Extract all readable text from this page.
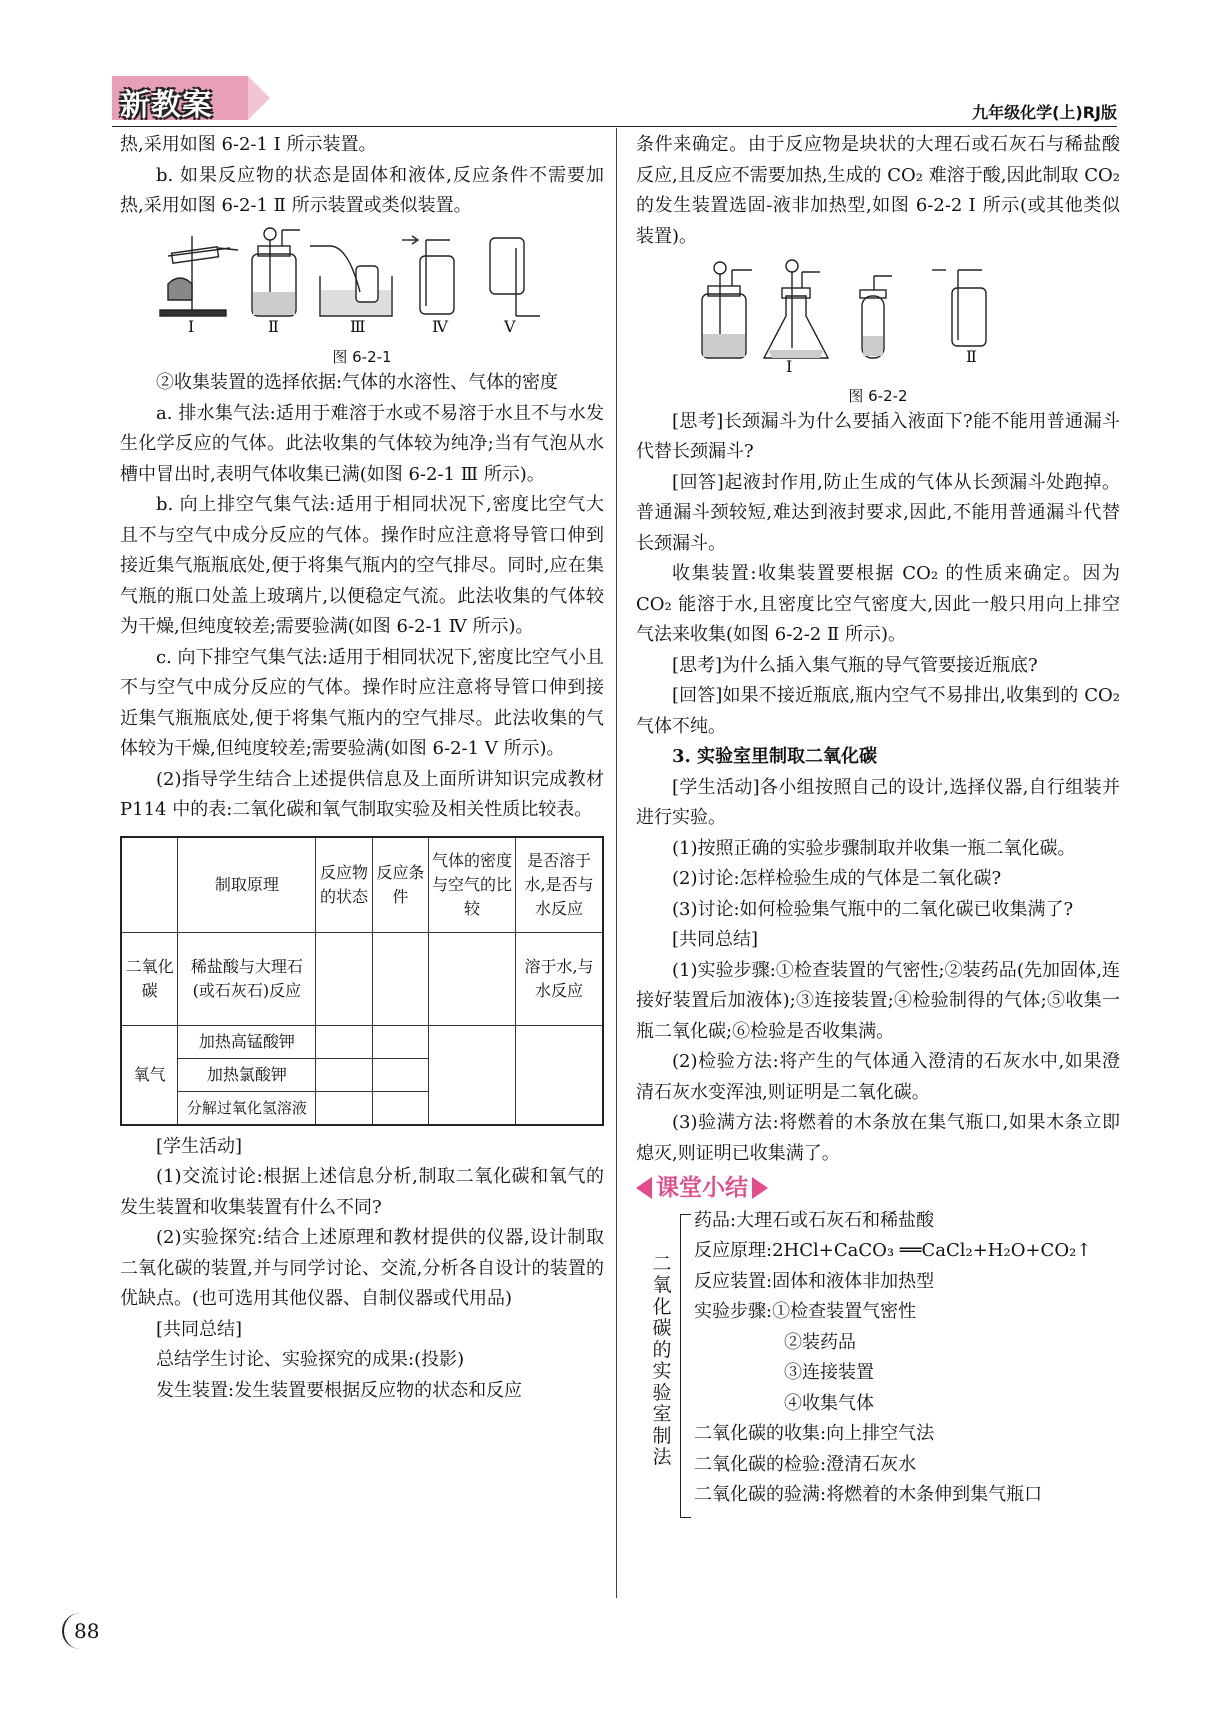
新教案	九年级化学(上)RJ版

热,采用如图 6-2-1 Ⅰ 所示装置。

b. 如果反应物的状态是固体和液体,反应条件不需要加热,采用如图 6-2-1 Ⅱ 所示装置或类似装置。

Ⅰ	Ⅱ	Ⅲ	Ⅳ	Ⅴ
图 6-2-1

②收集装置的选择依据:气体的水溶性、气体的密度

a. 排水集气法:适用于难溶于水或不易溶于水且不与水发生化学反应的气体。此法收集的气体较为纯净;当有气泡从水槽中冒出时,表明气体收集已满(如图 6-2-1 Ⅲ 所示)。

b. 向上排空气集气法:适用于相同状况下,密度比空气大且不与空气中成分反应的气体。操作时应注意将导管口伸到接近集气瓶瓶底处,便于将集气瓶内的空气排尽。同时,应在集气瓶的瓶口处盖上玻璃片,以便稳定气流。此法收集的气体较为干燥,但纯度较差;需要验满(如图 6-2-1 Ⅳ 所示)。

c. 向下排空气集气法:适用于相同状况下,密度比空气小且不与空气中成分反应的气体。操作时应注意将导管口伸到接近集气瓶瓶底处,便于将集气瓶内的空气排尽。此法收集的气体较为干燥,但纯度较差;需要验满(如图 6-2-1 Ⅴ 所示)。

(2)指导学生结合上述提供信息及上面所讲知识完成教材 P114 中的表:二氧化碳和氧气制取实验及相关性质比较表。

	制取原理	反应物的状态	反应条件	气体的密度与空气的比较	是否溶于水,是否与水反应
二氧化碳	稀盐酸与大理石(或石灰石)反应				溶于水,与水反应
氧气	加热高锰酸钾				
	加热氯酸钾				
	分解过氧化氢溶液				

[学生活动]

(1)交流讨论:根据上述信息分析,制取二氧化碳和氧气的发生装置和收集装置有什么不同?

(2)实验探究:结合上述原理和教材提供的仪器,设计制取二氧化碳的装置,并与同学讨论、交流,分析各自设计的装置的优缺点。(也可选用其他仪器、自制仪器或代用品)

[共同总结]

总结学生讨论、实验探究的成果:(投影)

发生装置:发生装置要根据反应物的状态和反应

条件来确定。由于反应物是块状的大理石或石灰石与稀盐酸反应,且反应不需要加热,生成的 CO₂ 难溶于酸,因此制取 CO₂ 的发生装置选固-液非加热型,如图 6-2-2 Ⅰ 所示(或其他类似装置)。

Ⅰ
Ⅱ
图 6-2-2

[思考]长颈漏斗为什么要插入液面下?能不能用普通漏斗代替长颈漏斗?

[回答]起液封作用,防止生成的气体从长颈漏斗处跑掉。普通漏斗颈较短,难达到液封要求,因此,不能用普通漏斗代替长颈漏斗。

收集装置:收集装置要根据 CO₂ 的性质来确定。因为 CO₂ 能溶于水,且密度比空气密度大,因此一般只用向上排空气法来收集(如图 6-2-2 Ⅱ 所示)。

[思考]为什么插入集气瓶的导气管要接近瓶底?

[回答]如果不接近瓶底,瓶内空气不易排出,收集到的 CO₂ 气体不纯。

3. 实验室里制取二氧化碳

[学生活动]各小组按照自己的设计,选择仪器,自行组装并进行实验。

(1)按照正确的实验步骤制取并收集一瓶二氧化碳。

(2)讨论:怎样检验生成的气体是二氧化碳?

(3)讨论:如何检验集气瓶中的二氧化碳已收集满了?

[共同总结]

(1)实验步骤:①检查装置的气密性;②装药品(先加固体,连接好装置后加液体);③连接装置;④检验制得的气体;⑤收集一瓶二氧化碳;⑥检验是否收集满。

(2)检验方法:将产生的气体通入澄清的石灰水中,如果澄清石灰水变浑浊,则证明是二氧化碳。

(3)验满方法:将燃着的木条放在集气瓶口,如果木条立即熄灭,则证明已收集满了。

课堂小结
二氧化碳的实验室制法
药品:大理石或石灰石和稀盐酸
反应原理:2HCl+CaCO₃ ══CaCl₂+H₂O+CO₂↑
反应装置:固体和液体非加热型
实验步骤:①检查装置气密性
②装药品
③连接装置
④收集气体
二氧化碳的收集:向上排空气法
二氧化碳的检验:澄清石灰水
二氧化碳的验满:将燃着的木条伸到集气瓶口
88
